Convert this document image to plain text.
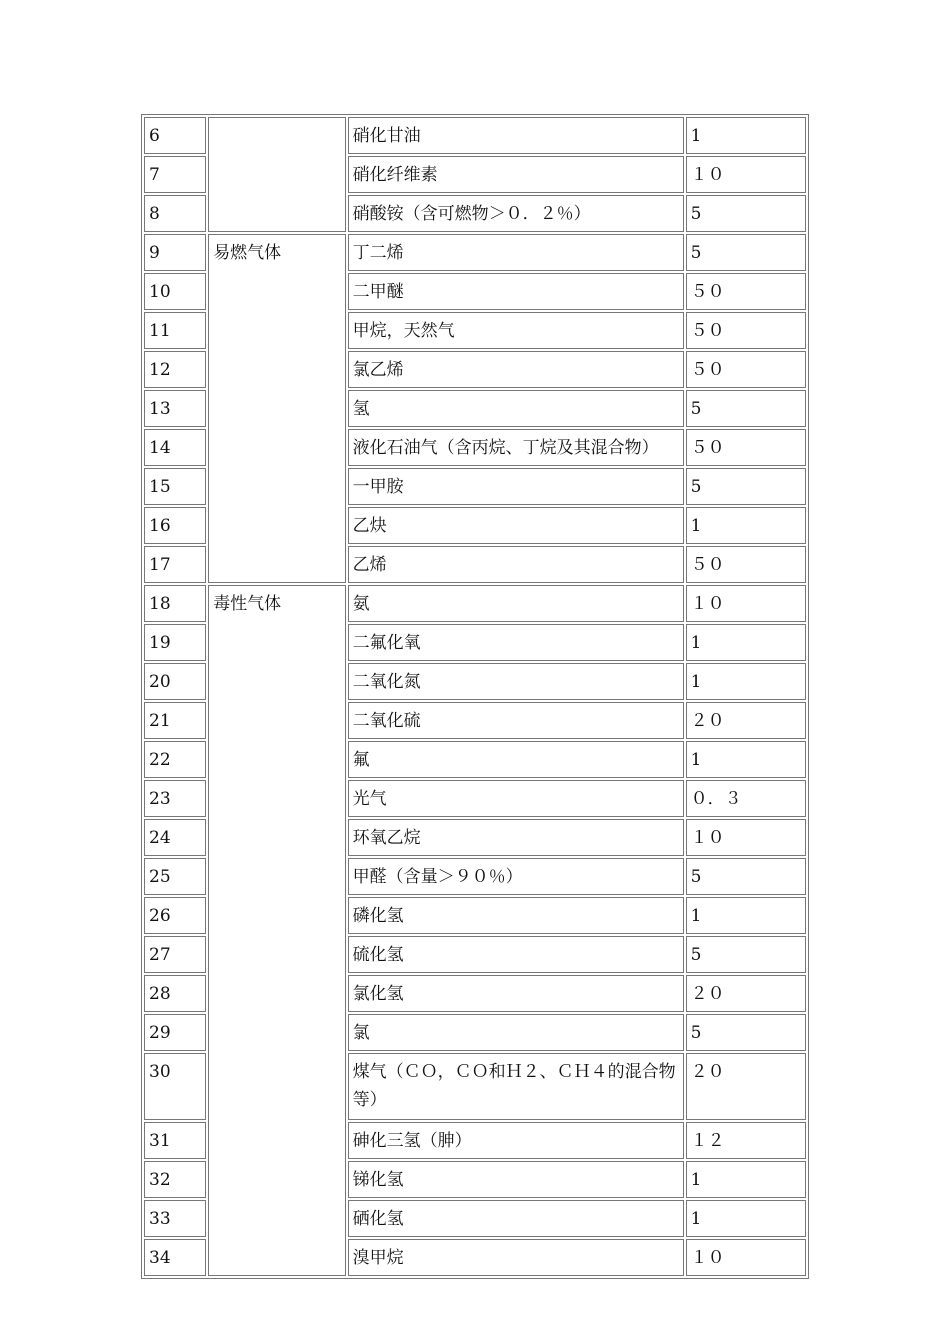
6		硝化甘油	1
7		硝化纤维素	１０
8		硝酸铵（含可燃物＞０．２％）	5
9	易燃气体	丁二烯	5
10		二甲醚	５０
11		甲烷，天然气	５０
12		氯乙烯	５０
13		氢	5
14		液化石油气（含丙烷、丁烷及其混合物）	５０
15		一甲胺	5
16		乙炔	1
17		乙烯	５０
18	毒性气体	氨	１０
19		二氟化氧	1
20		二氧化氮	1
21		二氧化硫	２０
22		氟	1
23		光气	０．３
24		环氧乙烷	１０
25		甲醛（含量＞９０％）	5
26		磷化氢	1
27		硫化氢	5
28		氯化氢	２０
29		氯	5
30		煤气（ＣＯ，ＣＯ和Ｈ２、ＣＨ４的混合物等）	２０
31		砷化三氢（胂）	１２
32		锑化氢	1
33		硒化氢	1
34		溴甲烷	１０
